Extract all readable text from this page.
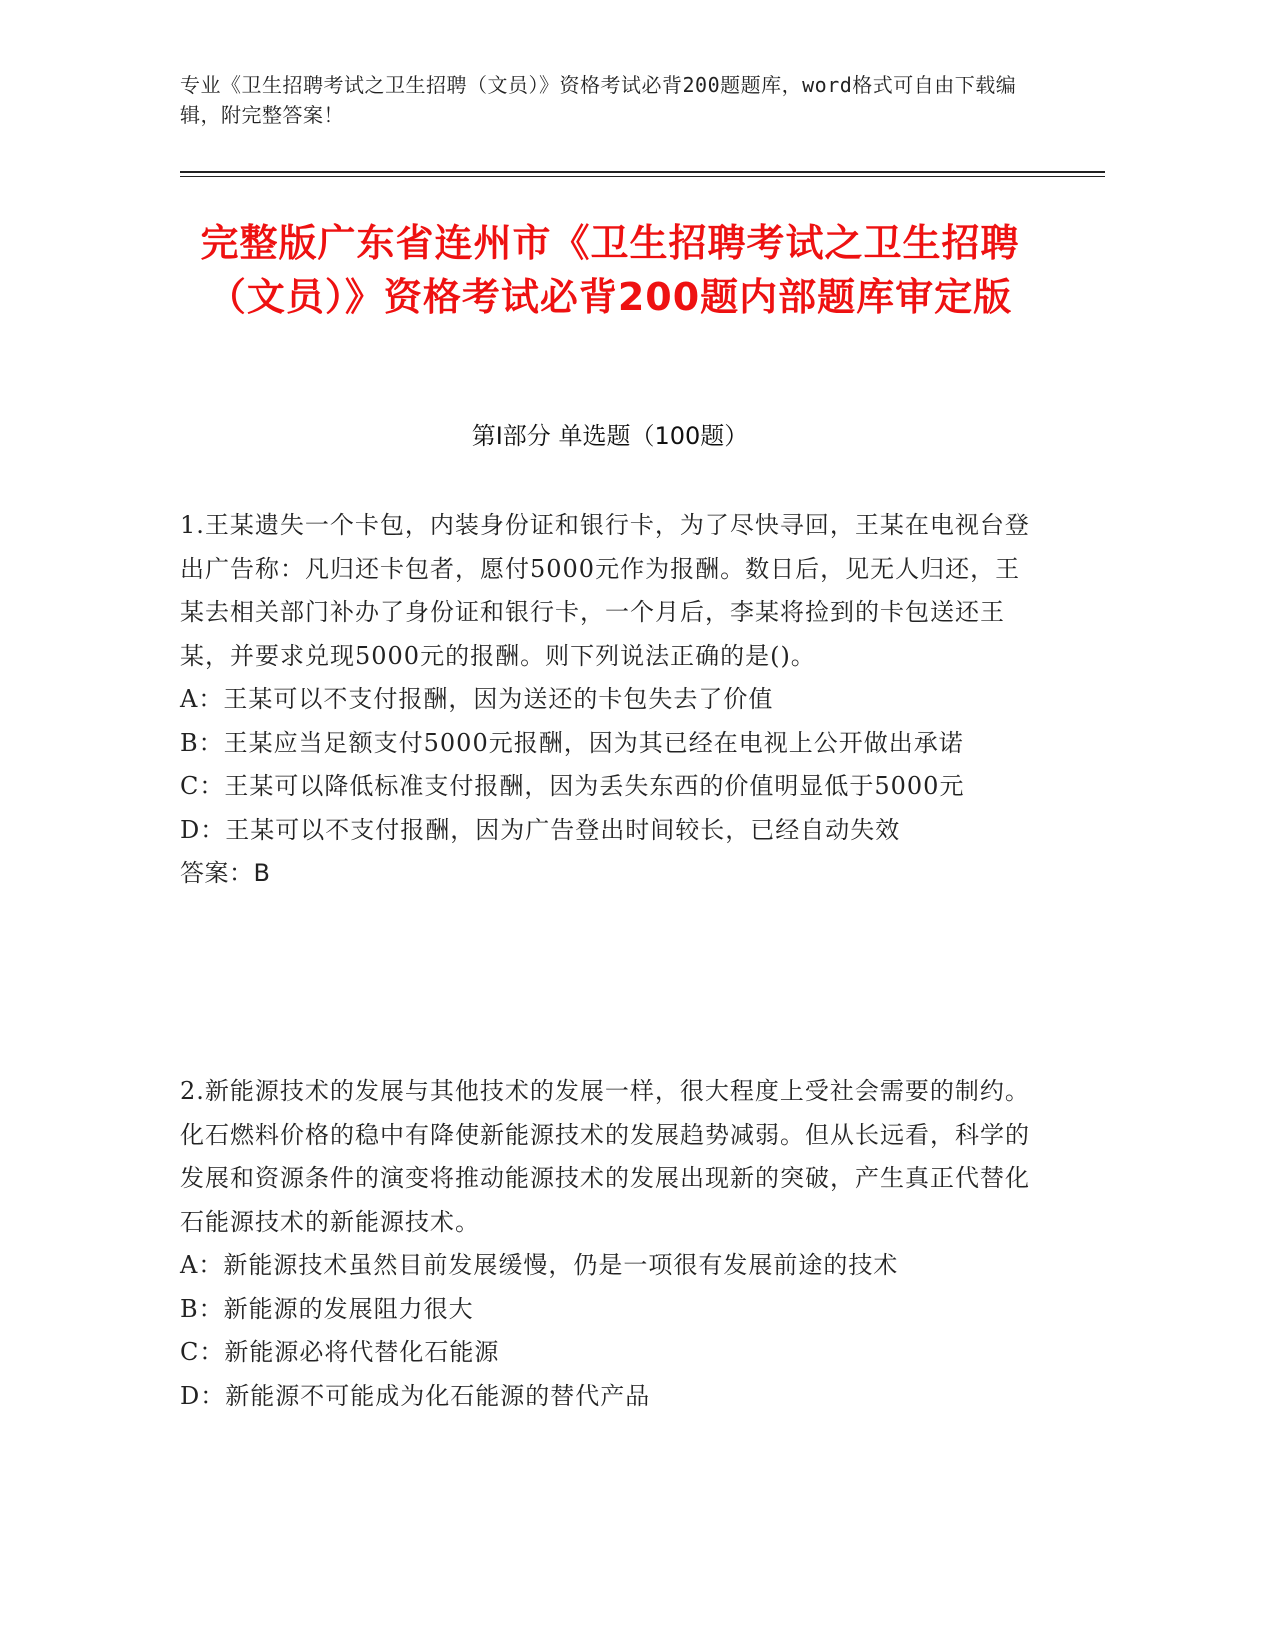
专业《卫生招聘考试之卫生招聘（文员）》资格考试必背200题题库，word格式可自由下载编辑，附完整答案！
完整版广东省连州市《卫生招聘考试之卫生招聘（文员）》资格考试必背200题内部题库审定版
第Ⅰ部分 单选题（100题）

1.王某遗失一个卡包，内装身份证和银行卡，为了尽快寻回，王某在电视台登出广告称：凡归还卡包者，愿付5000元作为报酬。数日后，见无人归还，王某去相关部门补办了身份证和银行卡，一个月后，李某将捡到的卡包送还王某，并要求兑现5000元的报酬。则下列说法正确的是()。

A：王某可以不支付报酬，因为送还的卡包失去了价值

B：王某应当足额支付5000元报酬，因为其已经在电视上公开做出承诺

C：王某可以降低标准支付报酬，因为丢失东西的价值明显低于5000元

D：王某可以不支付报酬，因为广告登出时间较长，已经自动失效

答案：B

2.新能源技术的发展与其他技术的发展一样，很大程度上受社会需要的制约。化石燃料价格的稳中有降使新能源技术的发展趋势减弱。但从长远看，科学的发展和资源条件的演变将推动能源技术的发展出现新的突破，产生真正代替化石能源技术的新能源技术。

A：新能源技术虽然目前发展缓慢，仍是一项很有发展前途的技术

B：新能源的发展阻力很大

C：新能源必将代替化石能源

D：新能源不可能成为化石能源的替代产品
